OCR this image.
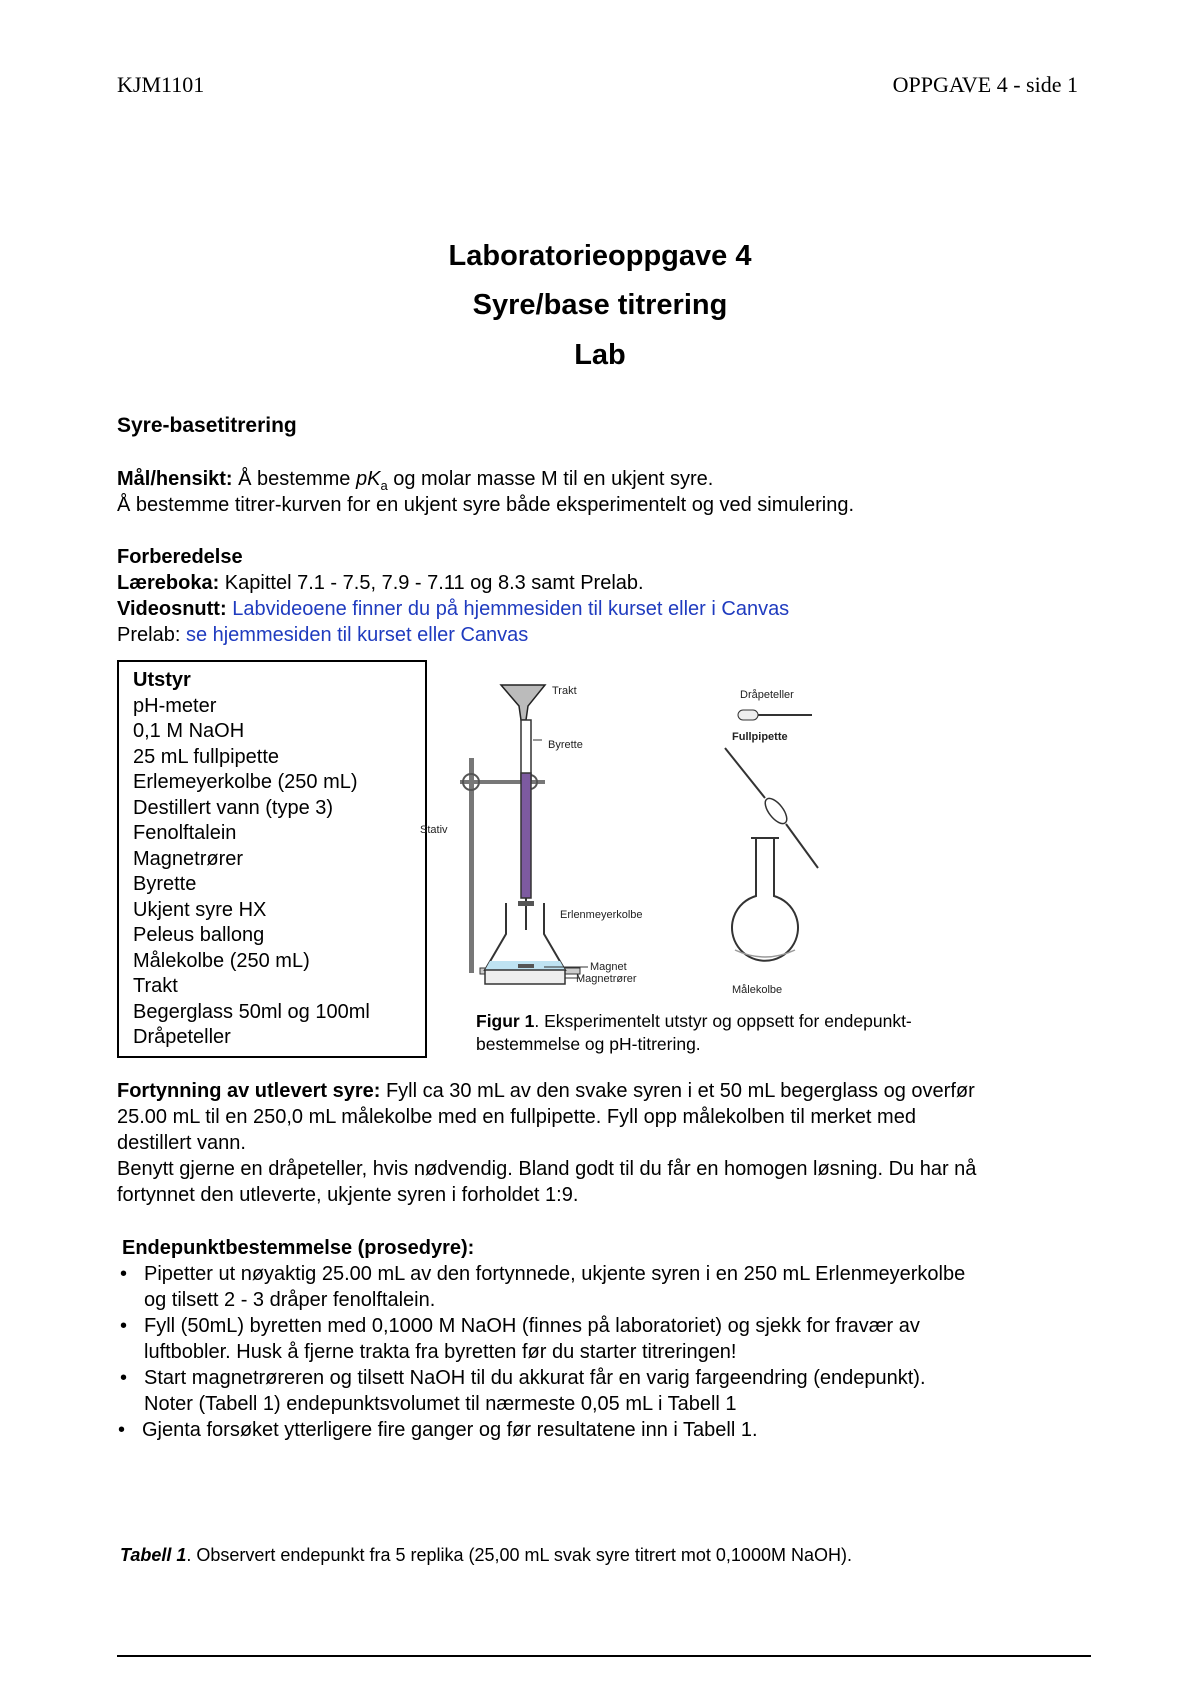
KJM1101	OPPGAVE 4 - side 1
Laboratorieoppgave 4
Syre/base titrering
Lab
Syre-basetitrering
Mål/hensikt: Å bestemme $pK_a$ og molar masse M til en ukjent syre.
Å bestemme titrer-kurven for en ukjent syre både eksperimentelt og ved simulering.
Forberedelse
Læreboka: Kapittel 7.1 - 7.5, 7.9 - 7.11 og 8.3 samt Prelab.
Videosnutt: Labvideoene finner du på hjemmesiden til kurset eller i Canvas
Prelab: se hjemmesiden til kurset eller Canvas
Utstyr
pH-meter
0,1 M NaOH
25 mL fullpipette
Erlemeyerkolbe (250 mL)
Destillert vann (type 3)
Fenolftalein
Magnetrører
Byrette
Ukjent syre HX
Peleus ballong
Målekolbe (250 mL)
Trakt
Begerglass 50ml og 100ml
Dråpeteller
Trakt
Byrette
Stativ
Erlenmeyerkolbe
Magnet
Magnetrører
Dråpeteller
Fullpipette
Målekolbe
Figur 1. Eksperimentelt utstyr og oppsett for endepunkt-
bestemmelse og pH-titrering.
Fortynning av utlevert syre: Fyll ca 30 mL av den svake syren i et 50 mL begerglass og overfør
25.00 mL til en 250,0 mL målekolbe med en fullpipette. Fyll opp målekolben til merket med
destillert vann.
Benytt gjerne en dråpeteller, hvis nødvendig. Bland godt til du får en homogen løsning. Du har nå
fortynnet den utleverte, ukjente syren i forholdet 1:9.
Endepunktbestemmelse (prosedyre):
• Pipetter ut nøyaktig 25.00 mL av den fortynnede, ukjente syren i en 250 mL Erlenmeyerkolbe
og tilsett 2 - 3 dråper fenolftalein.
• Fyll (50mL) byretten med 0,1000 M NaOH (finnes på laboratoriet) og sjekk for fravær av
luftbobler. Husk å fjerne trakta fra byretten før du starter titreringen!
• Start magnetrøreren og tilsett NaOH til du akkurat får en varig fargeendring (endepunkt).
Noter (Tabell 1) endepunktsvolumet til nærmeste 0,05 mL i Tabell 1
• Gjenta forsøket ytterligere fire ganger og før resultatene inn i Tabell 1.
Tabell 1. Observert endepunkt fra 5 replika (25,00 mL svak syre titrert mot 0,1000M NaOH).
